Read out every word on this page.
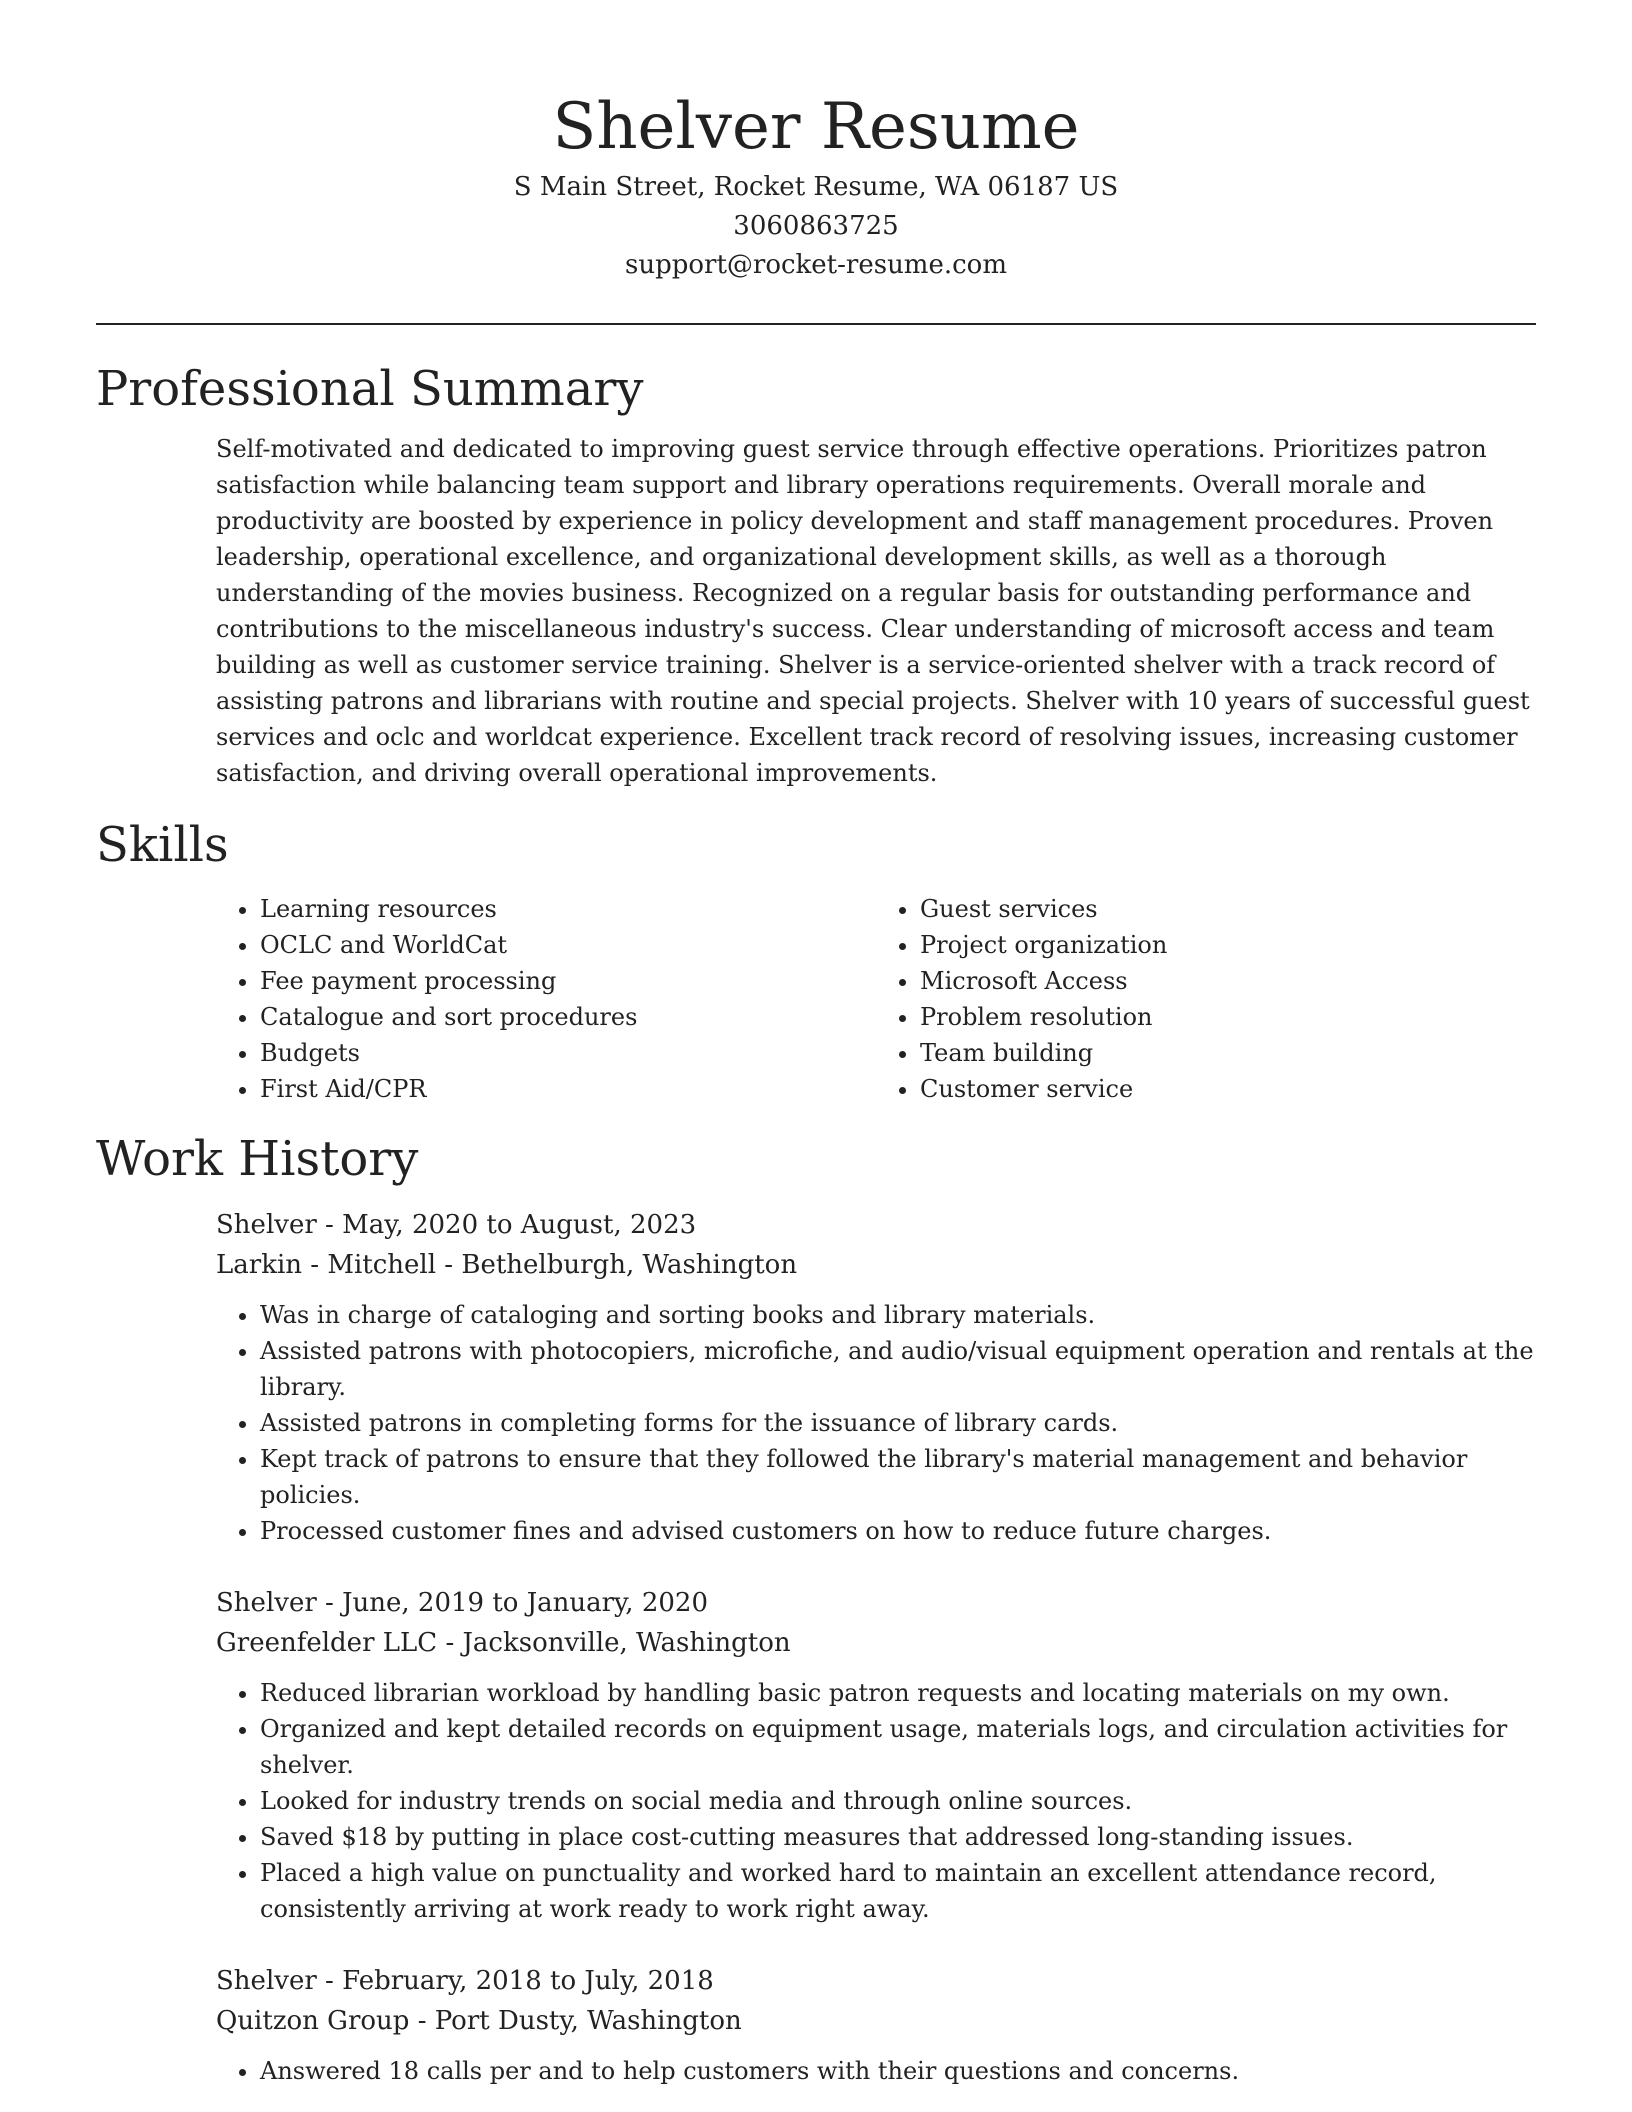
Shelver Resume

S Main Street, Rocket Resume, WA 06187 US

3060863725

support@rocket-resume.com

Professional Summary

Self-motivated and dedicated to improving guest service through effective operations. Prioritizes patron satisfaction while balancing team support and library operations requirements. Overall morale and productivity are boosted by experience in policy development and staff management procedures. Proven leadership, operational excellence, and organizational development skills, as well as a thorough understanding of the movies business. Recognized on a regular basis for outstanding performance and contributions to the miscellaneous industry's success. Clear understanding of microsoft access and team building as well as customer service training. Shelver is a service-oriented shelver with a track record of assisting patrons and librarians with routine and special projects. Shelver with 10 years of successful guest services and oclc and worldcat experience. Excellent track record of resolving issues, increasing customer satisfaction, and driving overall operational improvements.

Skills
• Learning resources
• OCLC and WorldCat
• Fee payment processing
• Catalogue and sort procedures
• Budgets
• First Aid/CPR
• Guest services
• Project organization
• Microsoft Access
• Problem resolution
• Team building
• Customer service
Work History

Shelver - May, 2020 to August, 2023

Larkin - Mitchell - Bethelburgh, Washington

• Was in charge of cataloging and sorting books and library materials.
• Assisted patrons with photocopiers, microfiche, and audio/visual equipment operation and rentals at the library.
• Assisted patrons in completing forms for the issuance of library cards.
• Kept track of patrons to ensure that they followed the library's material management and behavior policies.
• Processed customer fines and advised customers on how to reduce future charges.

Shelver - June, 2019 to January, 2020

Greenfelder LLC - Jacksonville, Washington

• Reduced librarian workload by handling basic patron requests and locating materials on my own.
• Organized and kept detailed records on equipment usage, materials logs, and circulation activities for shelver.
• Looked for industry trends on social media and through online sources.
• Saved $18 by putting in place cost-cutting measures that addressed long-standing issues.
• Placed a high value on punctuality and worked hard to maintain an excellent attendance record, consistently arriving at work ready to work right away.

Shelver - February, 2018 to July, 2018

Quitzon Group - Port Dusty, Washington

• Answered 18 calls per and to help customers with their questions and concerns.
